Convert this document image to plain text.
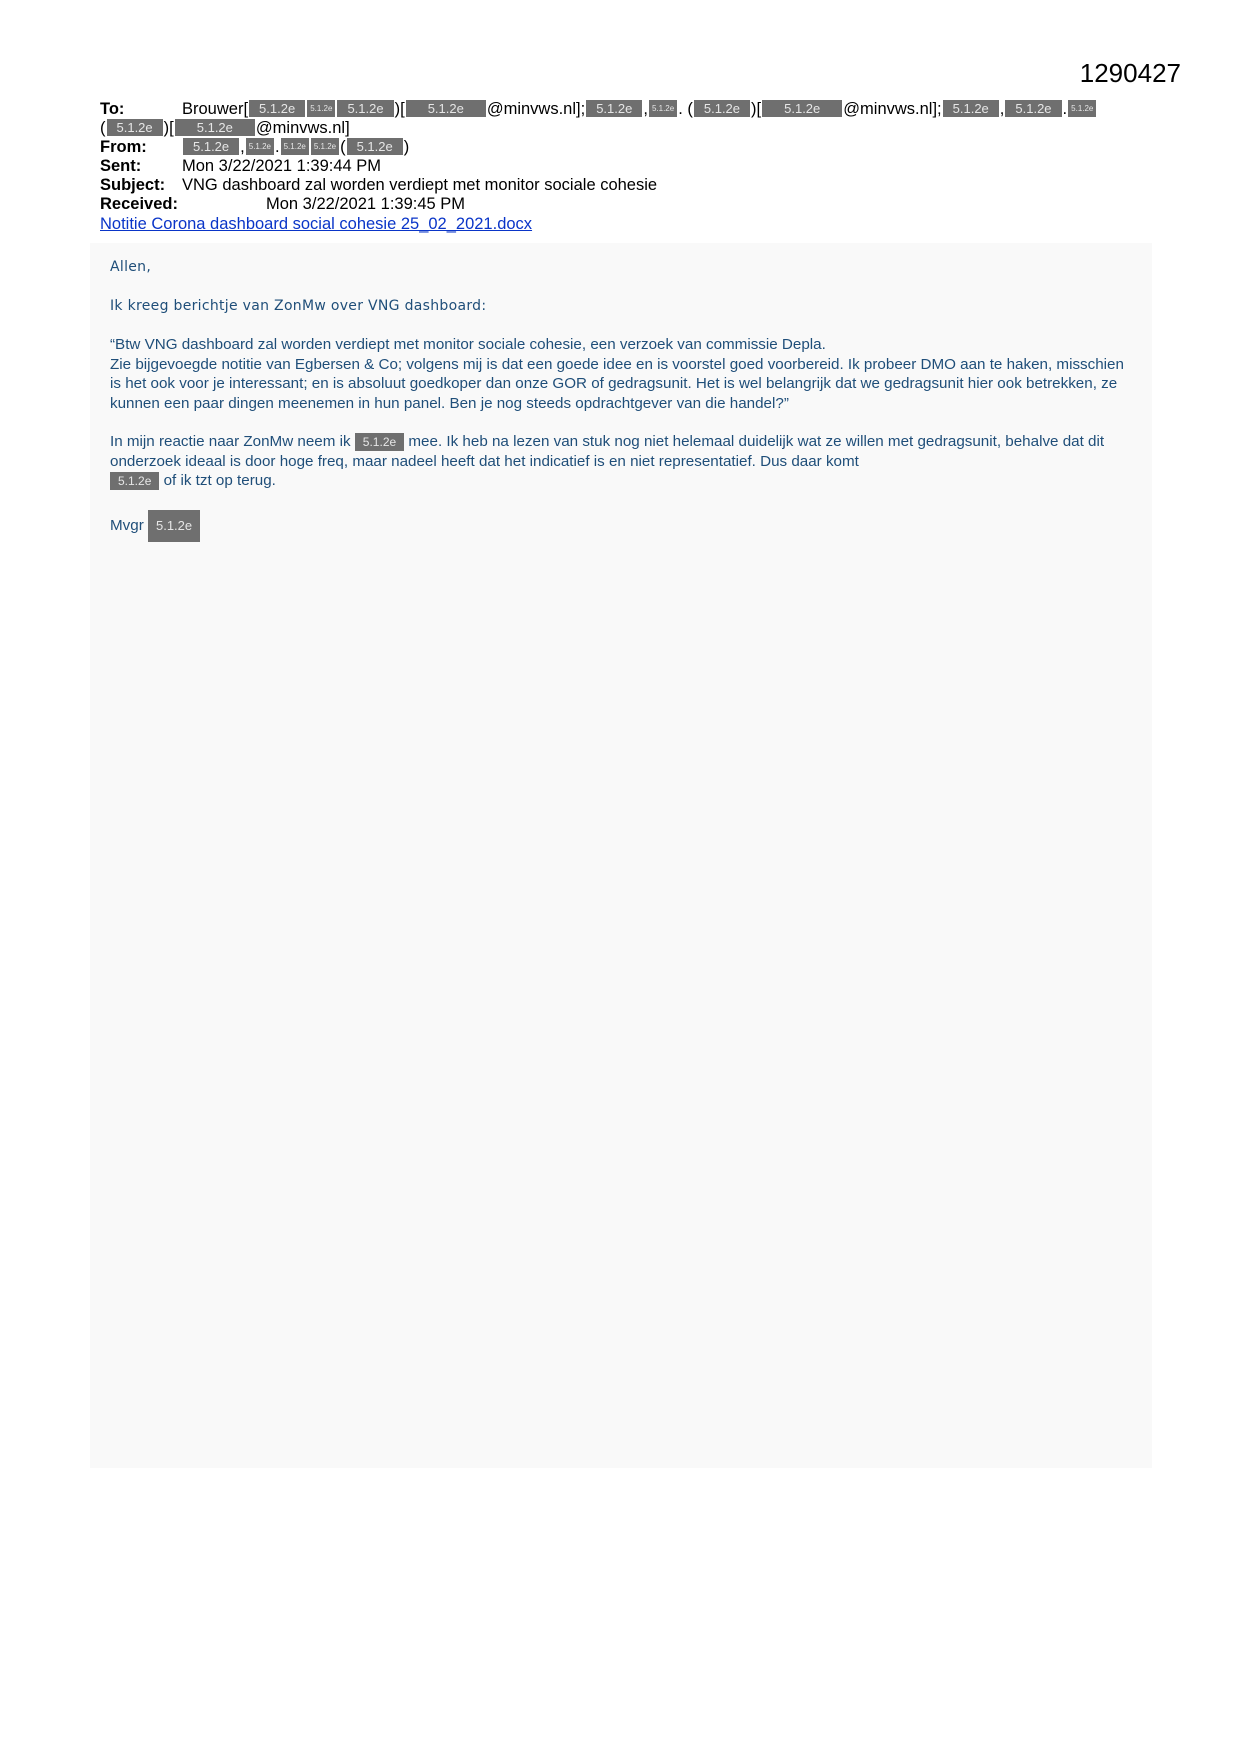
1290427
To:	Brouwer[ 5.1.2e	5.1.2e	5.1.2e )[	5.1.2e	@minvws.nl]; 5.1.2e , 5.1.2e . ( 5.1.2e )[	5.1.2e	@minvws.nl]; 5.1.2e , 5.1.2e . 5.1.2e
( 5.1.2e )[	5.1.2e	@minvws.nl]
From:	5.1.2e , 5.1.2e . 5.1.2e	5.1.2e ( 5.1.2e )
Sent:	Mon 3/22/2021 1:39:44 PM
Subject:	VNG dashboard zal worden verdiept met monitor sociale cohesie
Received:	Mon 3/22/2021 1:39:45 PM
Notitie Corona dashboard social cohesie 25_02_2021.docx

Allen,

Ik kreeg berichtje van ZonMw over VNG dashboard:

“Btw VNG dashboard zal worden verdiept met monitor sociale cohesie, een verzoek van commissie Depla.
Zie bijgevoegde notitie van Egbersen & Co; volgens mij is dat een goede idee en is voorstel goed voorbereid. Ik probeer DMO aan te haken, misschien is het ook voor je interessant; en is absoluut goedkoper dan onze GOR of gedragsunit. Het is wel belangrijk dat we gedragsunit hier ook betrekken, ze kunnen een paar dingen meenemen in hun panel. Ben je nog steeds opdrachtgever van die handel?”

In mijn reactie naar ZonMw neem ik 5.1.2e mee. Ik heb na lezen van stuk nog niet helemaal duidelijk wat ze willen met gedragsunit, behalve dat dit onderzoek ideaal is door hoge freq, maar nadeel heeft dat het indicatief is en niet representatief. Dus daar komt
5.1.2e of ik tzt op terug.

Mvgr 5.1.2e
